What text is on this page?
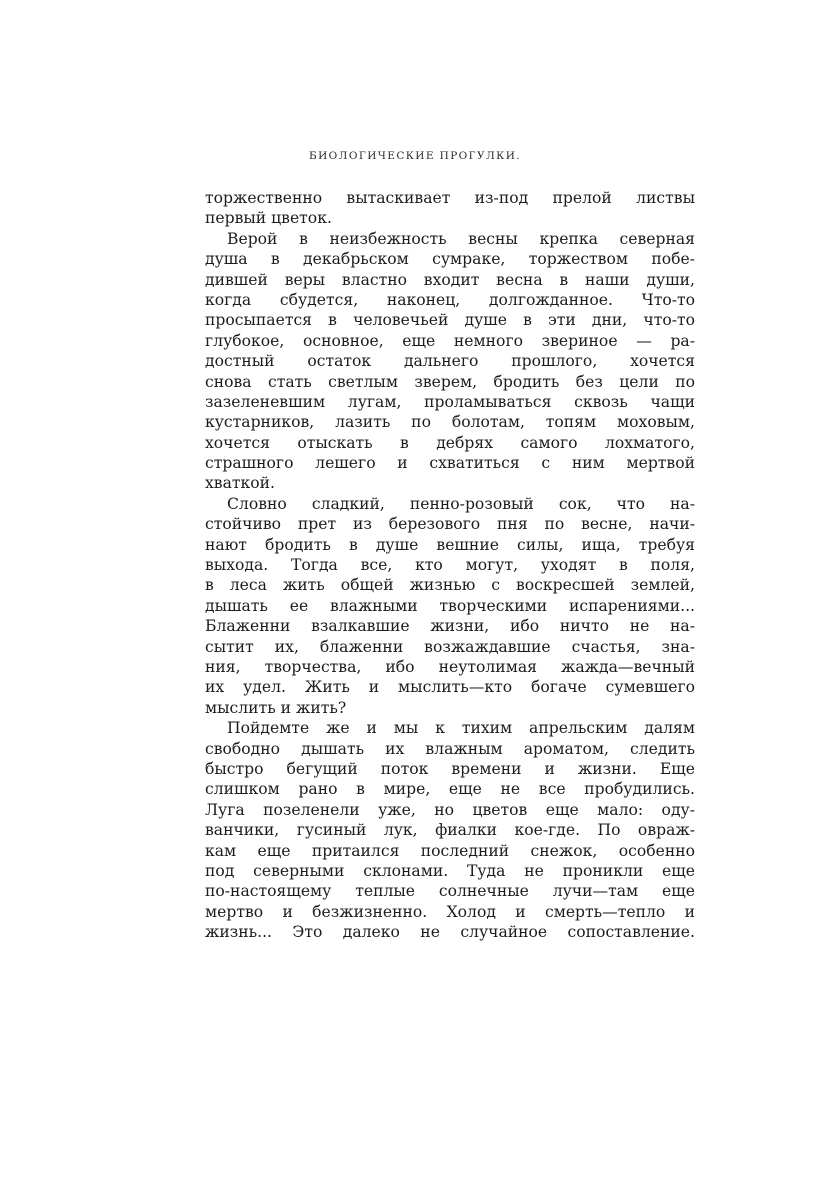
БИОЛОГИЧЕСКИЕ ПРОГУЛКИ.
торжественно вытаскивает из-под прелой листвы
первый цветок.
Верой в неизбежность весны крепка северная
душа в декабрьском сумраке, торжеством побе-
дившей веры властно входит весна в наши души,
когда сбудется, наконец, долгожданное. Что-то
просыпается в человечьей душе в эти дни, что-то
глубокое, основное, еще немного звериное — ра-
достный остаток дальнего прошлого, хочется
снова стать светлым зверем, бродить без цели по
зазеленевшим лугам, проламываться сквозь чащи
кустарников, лазить по болотам, топям моховым,
хочется отыскать в дебрях самого лохматого,
страшного лешего и схватиться с ним мертвой
хваткой.
Словно сладкий, пенно-розовый сок, что на-
стойчиво прет из березового пня по весне, начи-
нают бродить в душе вешние силы, ища, требуя
выхода. Тогда все, кто могут, уходят в поля,
в леса жить общей жизнью с воскресшей землей,
дышать ее влажными творческими испарениями...
Блаженни взалкавшие жизни, ибо ничто не на-
сытит их, блаженни возжаждавшие счастья, зна-
ния, творчества, ибо неутолимая жажда—вечный
их удел. Жить и мыслить—кто богаче сумевшего
мыслить и жить?
Пойдемте же и мы к тихим апрельским далям
свободно дышать их влажным ароматом, следить
быстро бегущий поток времени и жизни. Еще
слишком рано в мире, еще не все пробудились.
Луга позеленели уже, но цветов еще мало: оду-
ванчики, гусиный лук, фиалки кое-где. По овраж-
кам еще притаился последний снежок, особенно
под северными склонами. Туда не проникли еще
по-настоящему теплые солнечные лучи—там еще
мертво и безжизненно. Холод и смерть—тепло и
жизнь... Это далеко не случайное сопоставление.
